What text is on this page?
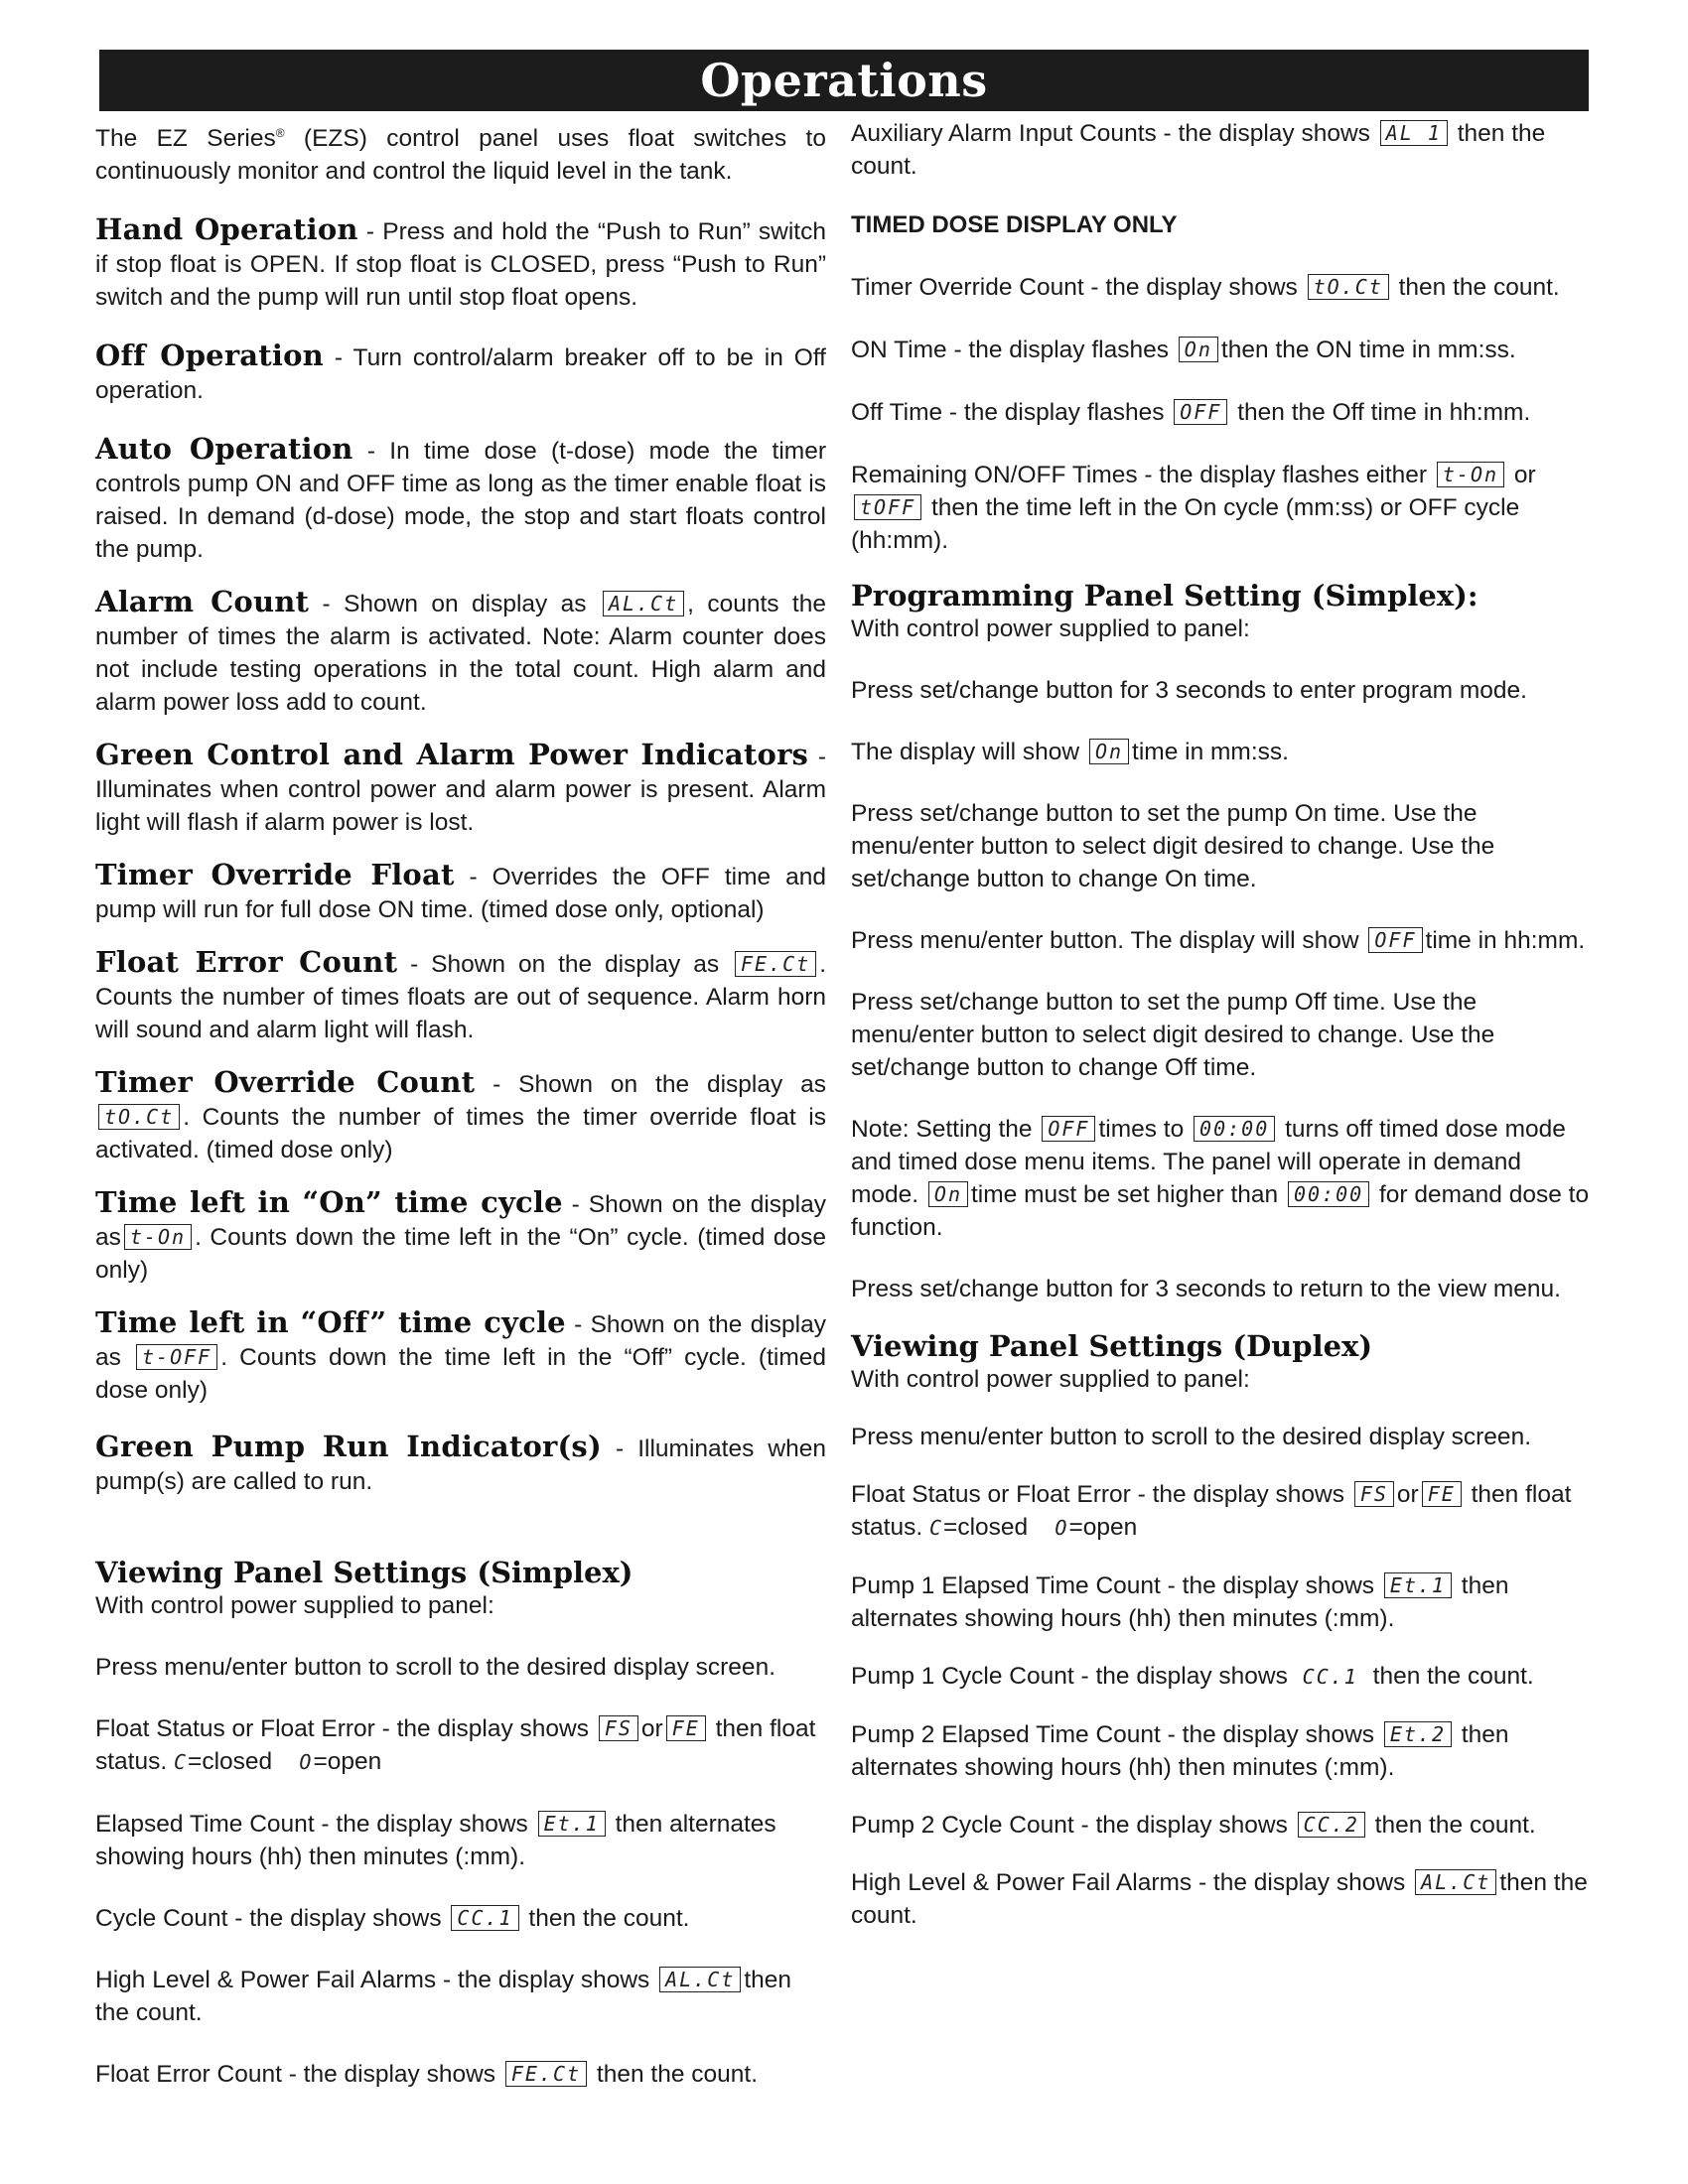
Operations

The EZ Series® (EZS) control panel uses float switches to continuously monitor and control the liquid level in the tank.

Hand Operation - Press and hold the “Push to Run” switch if stop float is OPEN. If stop float is CLOSED, press “Push to Run” switch and the pump will run until stop float opens.

Off Operation - Turn control/alarm breaker off to be in Off operation.

Auto Operation - In time dose (t-dose) mode the timer controls pump ON and OFF time as long as the timer enable float is raised. In demand (d-dose) mode, the stop and start floats control the pump.

Alarm Count - Shown on display as AL.Ct , counts the number of times the alarm is activated. Note: Alarm counter does not include testing operations in the total count. High alarm and alarm power loss add to count.

Green Control and Alarm Power Indicators - Illuminates when control power and alarm power is present. Alarm light will flash if alarm power is lost.

Timer Override Float - Overrides the OFF time and pump will run for full dose ON time. (timed dose only, optional)

Float Error Count - Shown on the display as FE.Ct . Counts the number of times floats are out of sequence. Alarm horn will sound and alarm light will flash.

Timer Override Count - Shown on the display as tO.Ct . Counts the number of times the timer override float is activated. (timed dose only)

Time left in “On” time cycle - Shown on the display as t-On . Counts down the time left in the “On” cycle. (timed dose only)

Time left in “Off” time cycle - Shown on the display as t-OFF . Counts down the time left in the “Off” cycle. (timed dose only)

Green Pump Run Indicator(s) - Illuminates when pump(s) are called to run.

Viewing Panel Settings (Simplex)

With control power supplied to panel:

Press menu/enter button to scroll to the desired display screen.

Float Status or Float Error - the display shows FS or FE then float status. C=closed O=open

Elapsed Time Count - the display shows Et.1 then alternates showing hours (hh) then minutes (:mm).

Cycle Count - the display shows CC.1 then the count.

High Level & Power Fail Alarms - the display shows AL.Ct then the count.

Float Error Count - the display shows FE.Ct then the count.

Auxiliary Alarm Input Counts - the display shows AL 1 then the count.

TIMED DOSE DISPLAY ONLY

Timer Override Count - the display shows tO.Ct then the count.

ON Time - the display flashes On then the ON time in mm:ss.

Off Time - the display flashes OFF then the Off time in hh:mm.

Remaining ON/OFF Times - the display flashes either t-On or tOFF then the time left in the On cycle (mm:ss) or OFF cycle (hh:mm).

Programming Panel Setting (Simplex):

With control power supplied to panel:

Press set/change button for 3 seconds to enter program mode.

The display will show On time in mm:ss.

Press set/change button to set the pump On time. Use the menu/enter button to select digit desired to change. Use the set/change button to change On time.

Press menu/enter button. The display will show OFF time in hh:mm.

Press set/change button to set the pump Off time. Use the menu/enter button to select digit desired to change. Use the set/change button to change Off time.

Note: Setting the OFF times to 00:00 turns off timed dose mode and timed dose menu items. The panel will operate in demand mode. On time must be set higher than 00:00 for demand dose to function.

Press set/change button for 3 seconds to return to the view menu.

Viewing Panel Settings (Duplex)

With control power supplied to panel:

Press menu/enter button to scroll to the desired display screen.

Float Status or Float Error - the display shows FS or FE then float status. C=closed O=open

Pump 1 Elapsed Time Count - the display shows Et.1 then alternates showing hours (hh) then minutes (:mm).

Pump 1 Cycle Count - the display shows CC.1 then the count.

Pump 2 Elapsed Time Count - the display shows Et.2 then alternates showing hours (hh) then minutes (:mm).

Pump 2 Cycle Count - the display shows CC.2 then the count.

High Level & Power Fail Alarms - the display shows AL.Ct then the count.
